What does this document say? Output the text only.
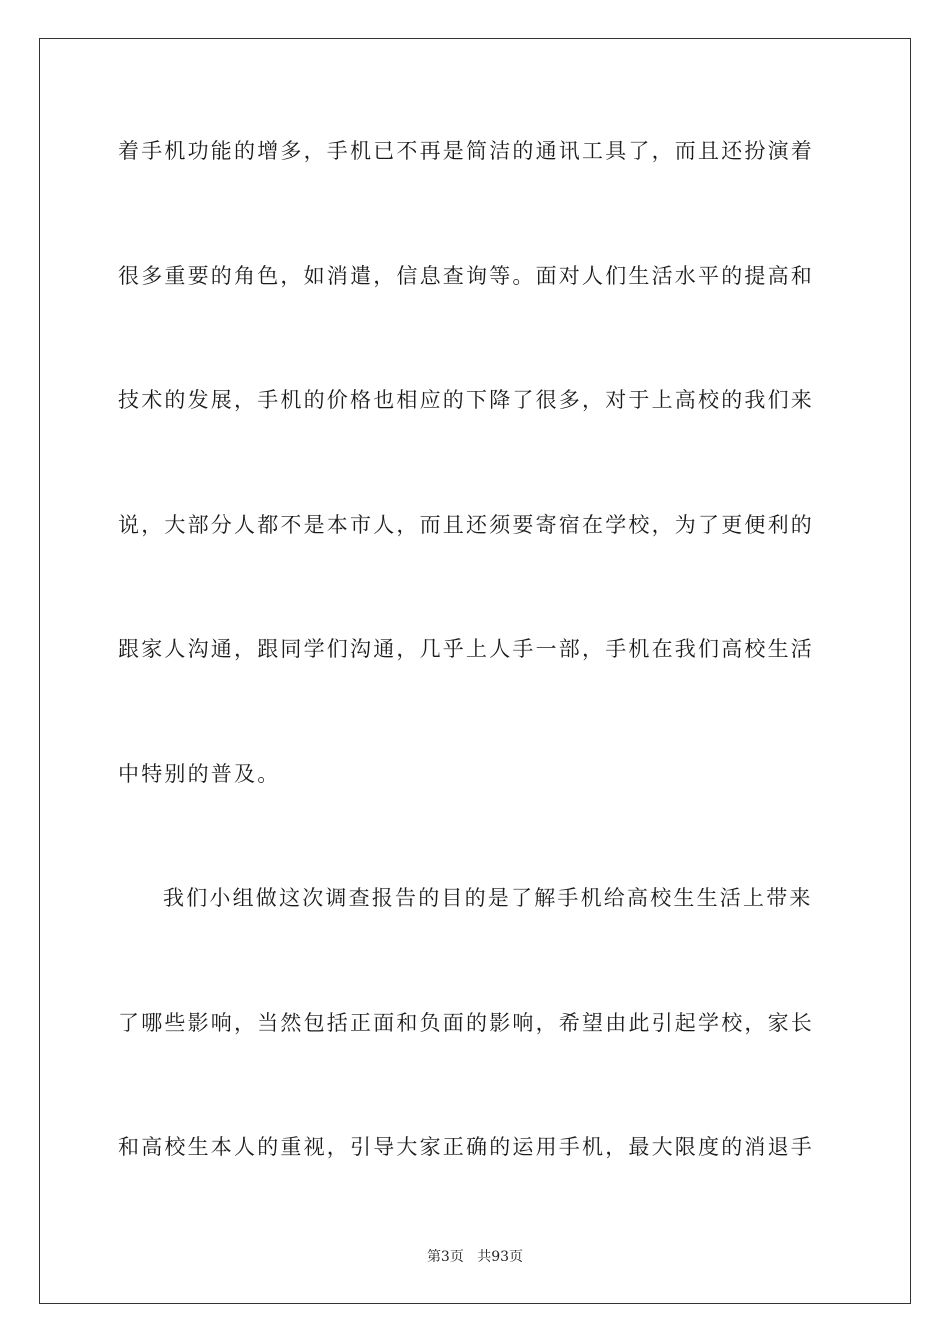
着手机功能的增多，手机已不再是简洁的通讯工具了，而且还扮演着
很多重要的角色，如消遣，信息查询等。面对人们生活水平的提高和
技术的发展，手机的价格也相应的下降了很多，对于上高校的我们来
说，大部分人都不是本市人，而且还须要寄宿在学校，为了更便利的
跟家人沟通，跟同学们沟通，几乎上人手一部，手机在我们高校生活
中特别的普及。
我们小组做这次调查报告的目的是了解手机给高校生生活上带来
了哪些影响，当然包括正面和负面的影响，希望由此引起学校，家长
和高校生本人的重视，引导大家正确的运用手机，最大限度的消退手
第3页 共93页
